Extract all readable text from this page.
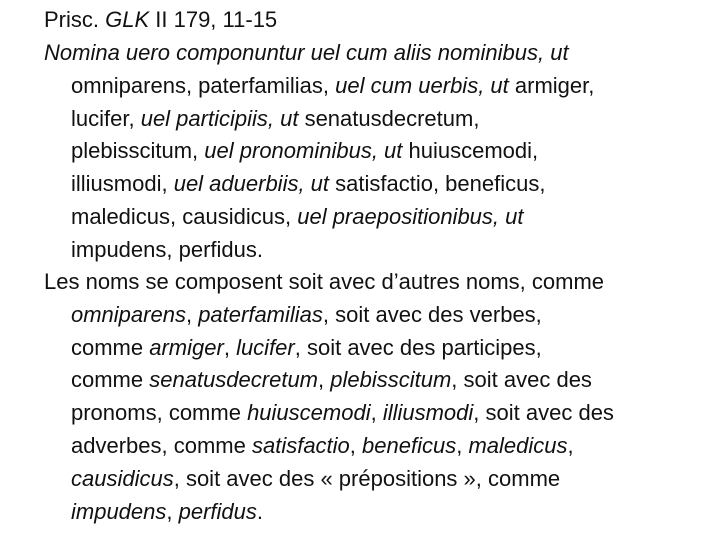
Prisc. GLK II 179, 11-15
Nomina uero componuntur uel cum aliis nominibus, ut
omniparens, paterfamilias, uel cum uerbis, ut armiger,
lucifer, uel participiis, ut senatusdecretum,
plebisscitum, uel pronominibus, ut huiuscemodi,
illiusmodi, uel aduerbiis, ut satisfactio, beneficus,
maledicus, causidicus, uel praepositionibus, ut
impudens, perfidus.
Les noms se composent soit avec d’autres noms, comme
omniparens, paterfamilias, soit avec des verbes,
comme armiger, lucifer, soit avec des participes,
comme senatusdecretum, plebisscitum, soit avec des
pronoms, comme huiuscemodi, illiusmodi, soit avec des
adverbes, comme satisfactio, beneficus, maledicus,
causidicus, soit avec des « prépositions », comme
impudens, perfidus.
